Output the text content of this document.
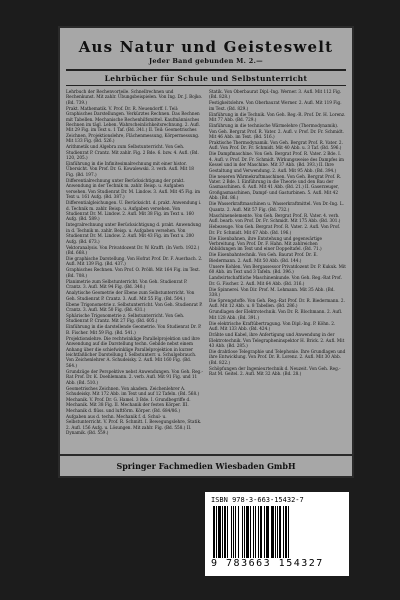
Aus Natur und Geisteswelt
Jeder Band gebunden M. 2.—
Lehrbücher für Schule und Selbstunterricht
Lehrbuch der Rechenvorteile. Schnellrechnen und Rechenkunst. Mit zahlr. Übungsbeispielen. Von Ing. Dr. J. Bojko. (Bd. 739.)
Prakt. Mathematik. V. Prof. Dr. R. Neuendorff. I. Teil: Graphisches Darstellungen. Verkürztes Rechnen. Das Rechnen mit Tabellen. Mechanische Rechenhilfsmittel. Kaufmännisches Rechnen im tägl. Leben. Wahrscheinlichkeitsrechnung. 2. Aufl. Mit 29 Fig. im Text u. 1 Taf. (Bd. 341.) II. Teil: Geometrisches Zeichnen, Projektionslehre, Flächenmessung, Körpermessung. Mit 133 Fig. (Bd. 526.)
Arithmetik und Algebra zum Selbstunterricht. Von Geh. Studienrat P. Crantz. Mit zahlr. Fig. 2 Bde. 6. bzw. 4. Aufl. (Bd. 120, 205.)
Einführung in die Infinitesimalrechnung mit einer histor. Übersicht. Von Prof. Dr. G. Kowalewski. 3. verb. Aufl. Mit 18 Fig. (Bd. 197.)
Differentialrechnung unter Berücksichtigung der prakt. Anwendung in der Technik m. zahlr. Beisp. u. Aufgaben versehen. Von Studienrat Dr. M. Lindow. 3. Aufl. Mit 45 Fig. im Text u. 161 Aufg. (Bd. 387.)
Differentialgleichungen. U. Berücksicht. d. prakt. Anwendung i. d. Technik m. zahlr. Beisp. u. Aufgaben versehen. Von Studienrat Dr. M. Lindow. 2. Aufl. Mit 38 Fig. im Text u. 160 Aufg. (Bd. 589.)
Integralrechnung unter Berücksichtigung d. prakt. Anwendung in d. Technik m. zahlr. Beisp. u. Aufgaben versehen. Von Studienrat Dr. M. Lindow. 2. Aufl. Mit 43 Fig. im Text u. 200 Aufg. (Bd. 673.)
Vektoranalysis. Von Privatdozent Dr. W. Krafft. (In Vorb. 1922.) (Bd. 668.)
Die graphische Darstellung. Von Hofrat Prof. Dr. F. Auerbach. 2. Aufl. Mit 139 Fig. (Bd. 437.)
Graphisches Rechnen. Von Prof. O. Prölß. Mit 164 Fig. im Text. (Bd. 708.)
Planimetrie zum Selbstunterricht. Von Geh. Studienrat P. Crantz. 3. Aufl. Mit 94 Fig. (Bd. 340.)
Analytische Geometrie der Ebene zum Selbstunterricht. Von Geh. Studienrat P. Crantz. 3. Aufl. Mit 55 Fig. (Bd. 504.)
Ebene Trigonometrie z. Selbstunterricht. Von Geh. Studienrat P. Crantz. 3. Aufl. Mit 50 Fig. (Bd. 431.)
Sphärische Trigonometrie z. Selbstunterricht. Von Geh. Studienrat P. Crantz. Mit 27 Fig. (Bd. 605.)
Einführung in die darstellende Geometrie. Von Studienrat Dr. P. B. Fischer. Mit 59 Fig. (Bd. 541.)
Projektionslehre. Die rechtwinklige Parallelprojektion und ihre Anwendung auf die Darstellung techn. Gebilde nebst einem Anhang über die schiefwinklige Parallelprojektion in kurzer leichtfaßlicher Darstellung f. Selbstunterr. u. Schulgebrauch. Von Zeichenlehrer A. Schudeisky. 2. Aufl. Mit 160 Fig. (Bd. 564.)
Grundzüge der Perspektive nebst Anwendungen. Von Geh. Reg.-Rat Prof. Dr. K. Doehlemann. 2. verb. Aufl. Mit 91 Fig. und 11 Abb. (Bd. 510.)
Geometrisches Zeichnen. Von akadem. Zeichenlehrer A. Schudeisky. Mit 172 Abb. im Text und auf 12 Tafeln. (Bd. 568.)
Mechanik. V. Prof. Dr. G. Hamel. 3 Bde. I. Grundbegriffe d. Mechanik. Mit 38 Fig. II. Mechanik der festen Körper. III. Mechanik d. flüss. und luftförm. Körper. (Bd. 684/86.)
Aufgaben aus d. techn. Mechanik f. d. Schul- u. Selbstunterricht. V. Prof. R. Schmitt. I. Bewegungslehre, Statik. 2. Aufl. 156 Aufg. u. Lösungen. Mit zahlr. Fig. (Bd. 558.) II. Dynamik. (Bd. 559.)
Statik. Von Oberbaurat Dipl.-Ing. Werner. 3. Aufl. Mit 112 Fig. (Bd. 828.)
Festigkeitslehre. Von Oberbaurat Werner. 2. Aufl. Mit 119 Fig. im Text. (Bd. 829.)
Einführung in die Technik. Von Geh. Reg.-R. Prof. Dr. H. Lorenz. Mit 77 Abb. (Bd. 729.)
Einführung in die technische Wärmelehre (Thermodynamik). Von Geh. Bergrat Prof. R. Vater. 2. Aufl. v. Prof. Dr. Fr. Schmidt. Mit 46 Abb. im Text. (Bd. 516.)
Praktische Thermodynamik. Von Geh. Bergrat Prof. R. Vater. 2. Aufl. Von Prof. Dr. Fr. Schmidt. Mit 40 Abb. u. 3 Taf. (Bd. 596.)
Die Dampfmaschine. Von Geh. Bergrat Prof. R. Vater. 2 Bde. I. 4. Aufl. v. Prof. Dr. Fr. Schmidt. Wirkungsweise des Dampfes im Kessel und in der Maschine. Mit 37 Abb. (Bd. 393.) II. Ihre Gestaltung und Verwendung. 2. Aufl. Mit 95 Abb. (Bd. 394.)
Die neueren Wärmekraftmaschinen. Von Geh. Bergrat Prof. R. Vater. 2 Bde. I. Einführung in die Theorie und den Bau der Gasmaschinen. 6. Aufl. Mit 41 Abb. (Bd. 21.) II. Gaserzeuger, Großgasmaschinen, Dampf- und Gasturbinen. 5. Aufl. Mit 42 Abb. (Bd. 86.)
Die Wasserkraftmaschinen u. Wasserkraftmittel. Von Dr.-Ing. L. Quantz. 2. Aufl. Mit 57 Fig. (Bd. 732.)
Maschinenelemente. Von Geh. Bergrat Prof. R. Vater. 4. verb. Aufl. bearb. von Prof. Dr. Fr. Schmidt. Mit 175 Abb. (Bd. 301.)
Hebezeuge. Von Geh. Bergrat Prof. R. Vater. 2. Aufl. Von Prof. Dr. Fr. Schmidt. Mit 67 Abb. (Bd. 196.)
Die Eisenbahnen, ihre Entstehung und gegenwärtige Verbreitung. Von Prof. Dr. F. Hahn. Mit zahlreichen Abbildungen im Text und einer Doppeltafel. (Bd. 71.)
Die Eisenbahntechnik. Von Geh. Baurat Prof. Dr. E. Biedermann. 2. Aufl. Mit 50 Abb. (Bd. 144.)
Unsere Kohlen. Von Bergassessor Privatdozent Dr. P. Kukuk. Mit 60 Abb. im Text und 3 Tafeln. (Bd. 396.)
Landwirtschaftliche Maschinenkunde. Von Geh. Reg.-Rat Prof. Dr. G. Fischer. 2. Aufl. Mit 64 Abb. (Bd. 316.)
Die Spinnerei. Von Dir. Prof. M. Lehmann. Mit 35 Abb. (Bd. 338.)
Die Sprengstoffe. Von Geh. Reg.-Rat Prof. Dr. R. Biedermann. 2. Aufl. Mit 12 Abb. u. 8 Tabellen. (Bd. 286.)
Grundlagen der Elektrotechnik. Von Dr. R. Blochmann. 2. Aufl. Mit 128 Abb. (Bd. 391.)
Die elektrische Kraftübertragung. Von Dipl.-Ing. P. Köhn. 2. Aufl. Mit 133 Abb. (Bd. 424.)
Drähte und Kabel, ihre Anfertigung und Anwendung in der Elektrotechnik. Von Telegrapheninspektor H. Brick. 2. Aufl. Mit 43 Abb. (Bd. 285.)
Die drahtlose Telegraphie und Telephonie. Ihre Grundlagen und ihre Entwicklung. Von Prof. Dr. R. Lorenz. 2. Aufl. Mit 30 Abb. (Bd. 822.)
Schöpfungen der Ingenieurtechnik d. Neuzeit. Von Geh. Reg.-Rat M. Geitel. 2. Aufl. Mit 32 Abb. (Bd. 28.)
Springer Fachmedien Wiesbaden GmbH
ISBN 978-3-663-15432-7
9 783663 154327
